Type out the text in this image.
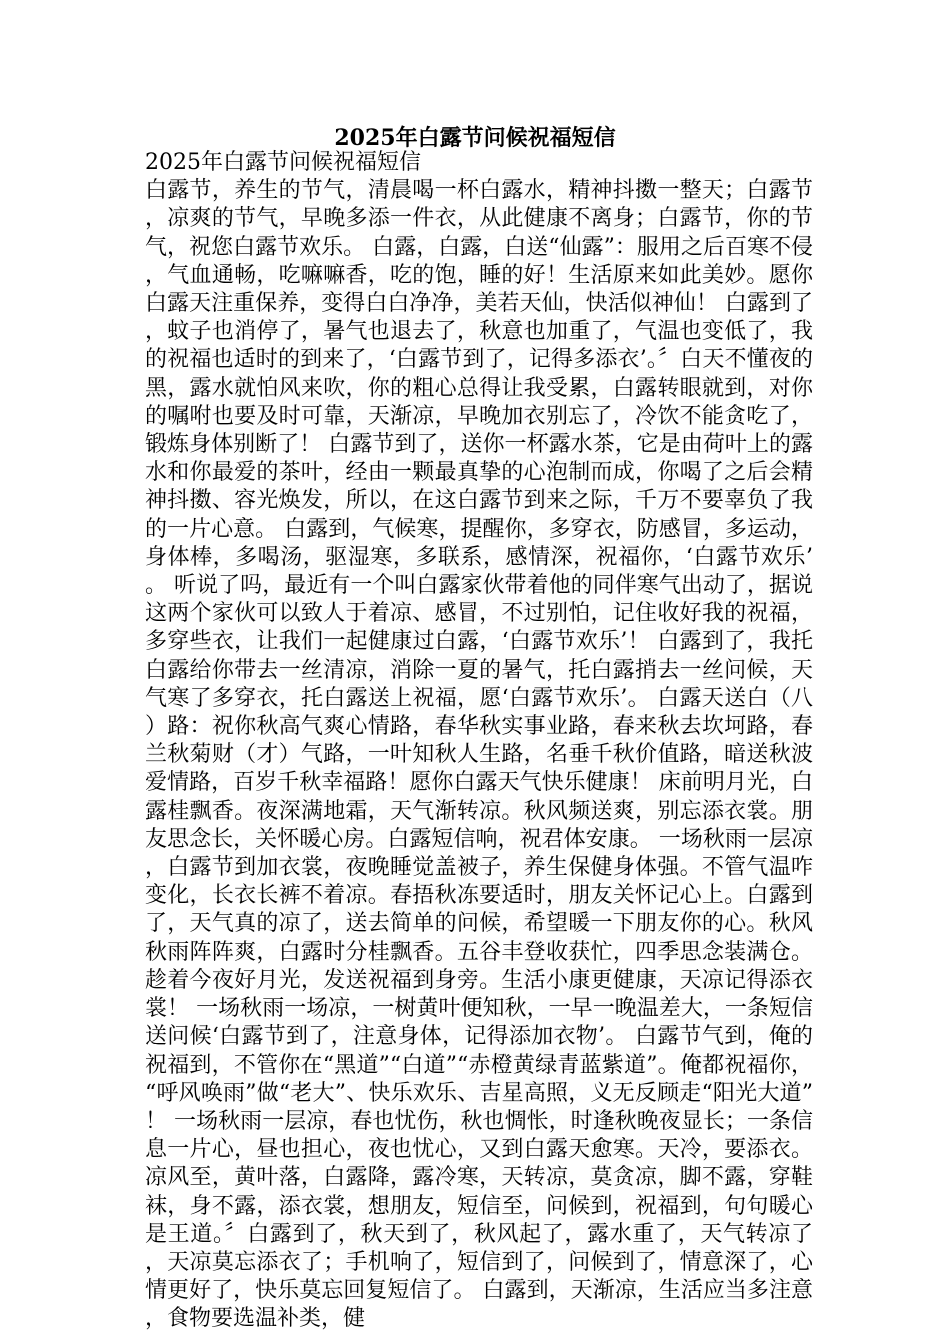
2025年白露节问候祝福短信
2025年白露节问候祝福短信
白露节，养生的节气，清晨喝一杯白露水，精神抖擞一整天；白露节，凉爽的节气，早晚多添一件衣，从此健康不离身；白露节，你的节气，祝您白露节欢乐。 白露，白露，白送“仙露”：服用之后百寒不侵，气血通畅，吃嘛嘛香，吃的饱，睡的好！生活原来如此美妙。愿你白露天注重保养，变得白白净净，美若天仙，快活似神仙！ 白露到了，蚊子也消停了，暑气也退去了，秋意也加重了，气温也变低了，我的祝福也适时的到来了，‘白露节到了，记得多添衣’。〞白天不懂夜的黑，露水就怕风来吹，你的粗心总得让我受累，白露转眼就到，对你的嘱咐也要及时可靠，天渐凉，早晚加衣别忘了，冷饮不能贪吃了，锻炼身体别断了！ 白露节到了，送你一杯露水茶，它是由荷叶上的露水和你最爱的茶叶，经由一颗最真挚的心泡制而成，你喝了之后会精神抖擞、容光焕发，所以，在这白露节到来之际，千万不要辜负了我的一片心意。 白露到，气候寒，提醒你，多穿衣，防感冒，多运动，身体棒，多喝汤，驱湿寒，多联系，感情深，祝福你，‘白露节欢乐’。 听说了吗，最近有一个叫白露家伙带着他的同伴寒气出动了，据说这两个家伙可以致人于着凉、感冒，不过别怕，记住收好我的祝福，多穿些衣，让我们一起健康过白露，‘白露节欢乐’！ 白露到了，我托白露给你带去一丝清凉，消除一夏的暑气，托白露捎去一丝问候，天气寒了多穿衣，托白露送上祝福，愿‘白露节欢乐’。 白露天送白（八）路：祝你秋高气爽心情路，春华秋实事业路，春来秋去坎坷路，春兰秋菊财（才）气路，一叶知秋人生路，名垂千秋价值路，暗送秋波爱情路，百岁千秋幸福路！愿你白露天气快乐健康！ 床前明月光，白露桂飘香。夜深满地霜，天气渐转凉。秋风频送爽，别忘添衣裳。朋友思念长，关怀暖心房。白露短信响，祝君体安康。 一场秋雨一层凉，白露节到加衣裳，夜晚睡觉盖被子，养生保健身体强。不管气温咋变化，长衣长裤不着凉。春捂秋冻要适时，朋友关怀记心上。白露到了，天气真的凉了，送去简单的问候，希望暖一下朋友你的心。秋风秋雨阵阵爽，白露时分桂飘香。五谷丰登收获忙，四季思念装满仓。趁着今夜好月光，发送祝福到身旁。生活小康更健康，天凉记得添衣裳！ 一场秋雨一场凉，一树黄叶便知秋，一早一晚温差大，一条短信送问候‘白露节到了，注意身体，记得添加衣物’。 白露节气到，俺的祝福到，不管你在“黑道”“白道”“赤橙黄绿青蓝紫道”。俺都祝福你，“呼风唤雨”做“老大”、快乐欢乐、吉星高照，义无反顾走“阳光大道”！ 一场秋雨一层凉，春也忧伤，秋也惆怅，时逢秋晚夜显长；一条信息一片心，昼也担心，夜也忧心，又到白露天愈寒。天冷，要添衣。 凉风至，黄叶落，白露降，露冷寒，天转凉，莫贪凉，脚不露，穿鞋袜，身不露，添衣裳，想朋友，短信至，问候到，祝福到，句句暖心是王道。〞白露到了，秋天到了，秋风起了，露水重了，天气转凉了，天凉莫忘添衣了；手机响了，短信到了，问候到了，情意深了，心情更好了，快乐莫忘回复短信了。 白露到，天渐凉，生活应当多注意，食物要选温补类，健
